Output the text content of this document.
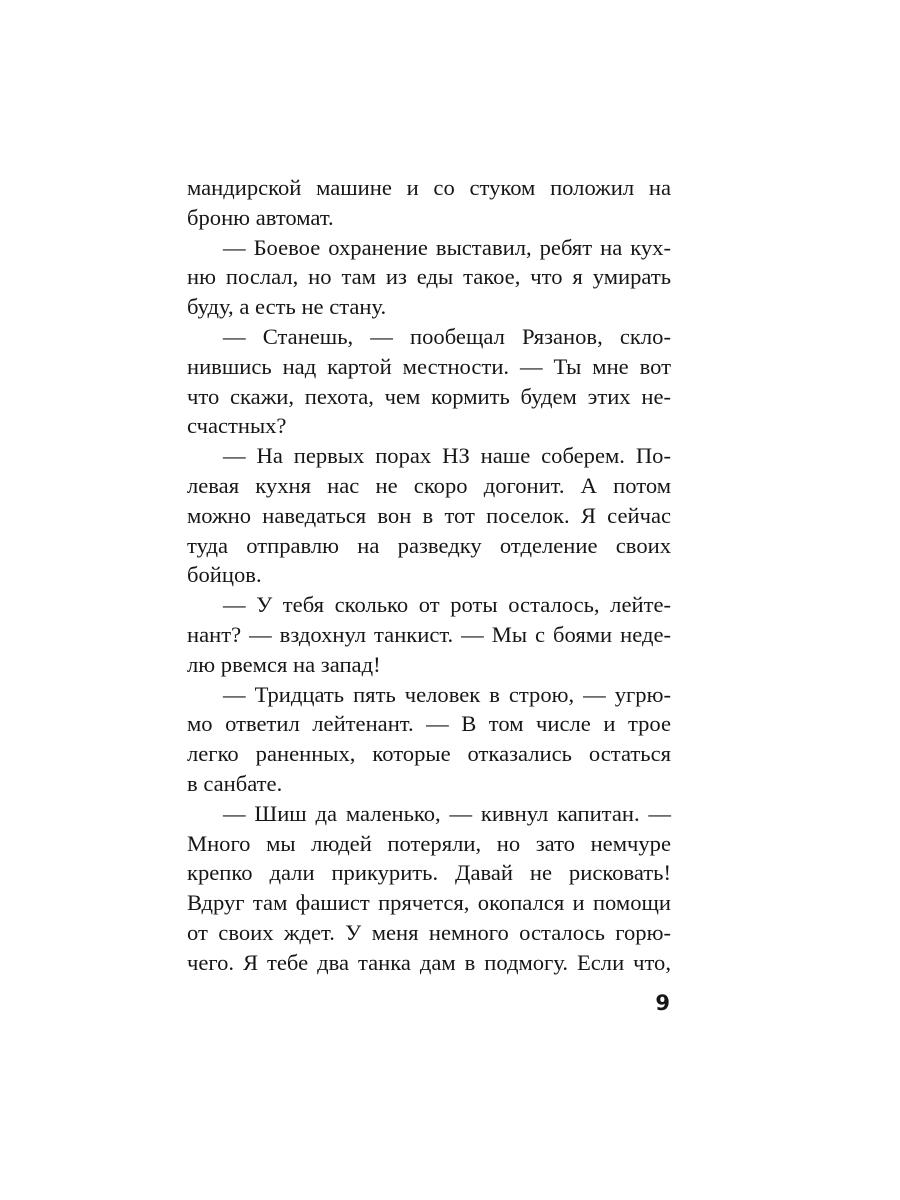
мандирской машине и со стуком положил на
броню автомат.
— Боевое охранение выставил, ребят на кух-
ню послал, но там из еды такое, что я умирать
буду, а есть не стану.
— Станешь, — пообещал Рязанов, скло-
нившись над картой местности. — Ты мне вот
что скажи, пехота, чем кормить будем этих не-
счастных?
— На первых порах НЗ наше соберем. По-
левая кухня нас не скоро догонит. А потом
можно наведаться вон в тот поселок. Я сейчас
туда отправлю на разведку отделение своих
бойцов.
— У тебя сколько от роты осталось, лейте-
нант? — вздохнул танкист. — Мы с боями неде-
лю рвемся на запад!
— Тридцать пять человек в строю, — угрю-
мо ответил лейтенант. — В том числе и трое
легко раненных, которые отказались остаться
в санбате.
— Шиш да маленько, — кивнул капитан. —
Много мы людей потеряли, но зато немчуре
крепко дали прикурить. Давай не рисковать!
Вдруг там фашист прячется, окопался и помощи
от своих ждет. У меня немного осталось горю-
чего. Я тебе два танка дам в подмогу. Если что,
9
